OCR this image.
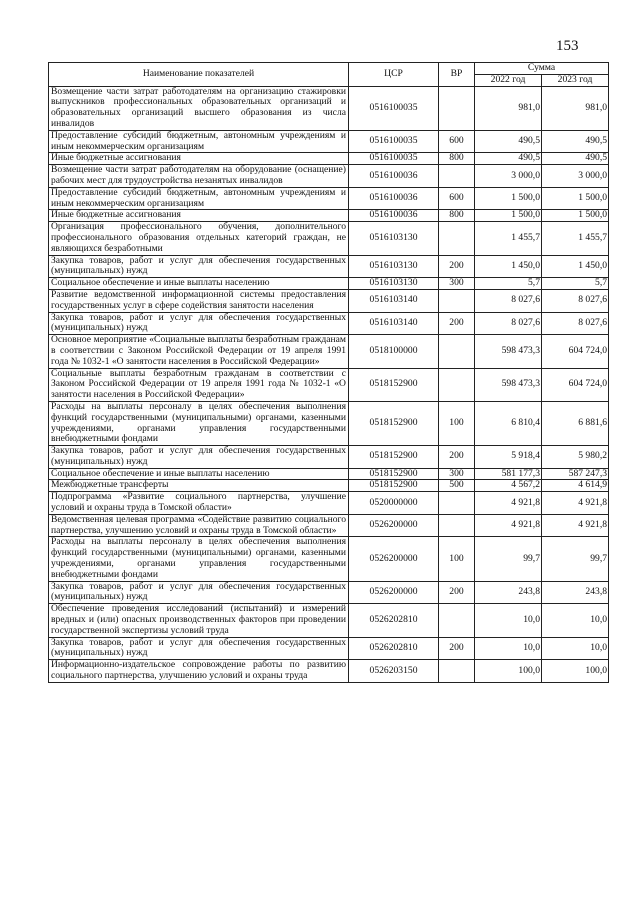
153
Наименование показателей	ЦСР	ВР	Сумма	
			2022 год	2023 год
Возмещение части затрат работодателям на организацию стажировки выпускников профессиональных образовательных организаций и образовательных организаций высшего образования из числа инвалидов	0516100035		981,0	981,0
Предоставление субсидий бюджетным, автономным учреждениям и иным некоммерческим организациям	0516100035	600	490,5	490,5
Иные бюджетные ассигнования	0516100035	800	490,5	490,5
Возмещение части затрат работодателям на оборудование (оснащение) рабочих мест для трудоустройства незанятых инвалидов	0516100036		3 000,0	3 000,0
Предоставление субсидий бюджетным, автономным учреждениям и иным некоммерческим организациям	0516100036	600	1 500,0	1 500,0
Иные бюджетные ассигнования	0516100036	800	1 500,0	1 500,0
Организация профессионального обучения, дополнительного профессионального образования отдельных категорий граждан, не являющихся безработными	0516103130		1 455,7	1 455,7
Закупка товаров, работ и услуг для обеспечения государственных (муниципальных) нужд	0516103130	200	1 450,0	1 450,0
Социальное обеспечение и иные выплаты населению	0516103130	300	5,7	5,7
Развитие ведомственной информационной системы предоставления государственных услуг в сфере содействия занятости населения	0516103140		8 027,6	8 027,6
Закупка товаров, работ и услуг для обеспечения государственных (муниципальных) нужд	0516103140	200	8 027,6	8 027,6
Основное мероприятие «Социальные выплаты безработным гражданам в соответствии с Законом Российской Федерации от 19 апреля 1991 года № 1032-1 «О занятости населения в Российской Федерации»	0518100000		598 473,3	604 724,0
Социальные выплаты безработным гражданам в соответствии с Законом Российской Федерации от 19 апреля 1991 года № 1032-1 «О занятости населения в Российской Федерации»	0518152900		598 473,3	604 724,0
Расходы на выплаты персоналу в целях обеспечения выполнения функций государственными (муниципальными) органами, казенными учреждениями, органами управления государственными внебюджетными фондами	0518152900	100	6 810,4	6 881,6
Закупка товаров, работ и услуг для обеспечения государственных (муниципальных) нужд	0518152900	200	5 918,4	5 980,2
Социальное обеспечение и иные выплаты населению	0518152900	300	581 177,3	587 247,3
Межбюджетные трансферты	0518152900	500	4 567,2	4 614,9
Подпрограмма «Развитие социального партнерства, улучшение условий и охраны труда в Томской области»	0520000000		4 921,8	4 921,8
Ведомственная целевая программа «Содействие развитию социального партнерства, улучшению условий и охраны труда в Томской области»	0526200000		4 921,8	4 921,8
Расходы на выплаты персоналу в целях обеспечения выполнения функций государственными (муниципальными) органами, казенными учреждениями, органами управления государственными внебюджетными фондами	0526200000	100	99,7	99,7
Закупка товаров, работ и услуг для обеспечения государственных (муниципальных) нужд	0526200000	200	243,8	243,8
Обеспечение проведения исследований (испытаний) и измерений вредных и (или) опасных производственных факторов при проведении государственной экспертизы условий труда	0526202810		10,0	10,0
Закупка товаров, работ и услуг для обеспечения государственных (муниципальных) нужд	0526202810	200	10,0	10,0
Информационно-издательское сопровождение работы по развитию социального партнерства, улучшению условий и охраны труда	0526203150		100,0	100,0
